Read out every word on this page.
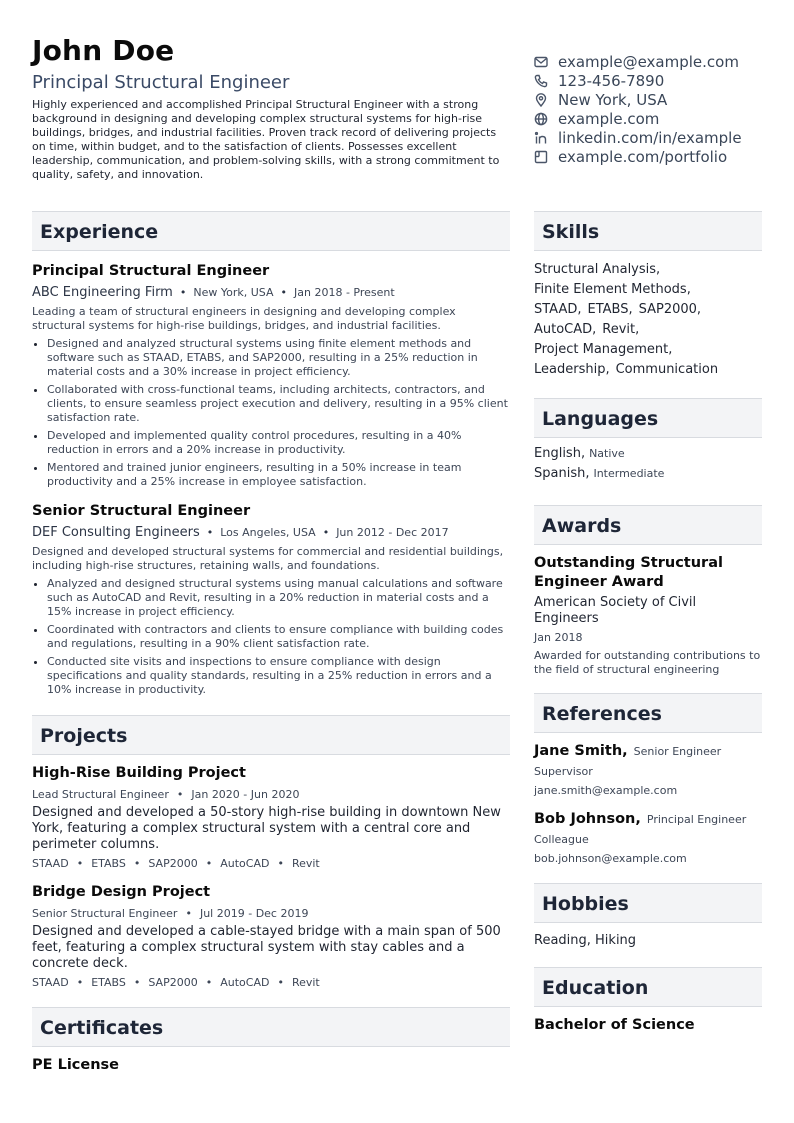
John Doe
Principal Structural Engineer
Highly experienced and accomplished Principal Structural Engineer with a strong background in designing and developing complex structural systems for high-rise buildings, bridges, and industrial facilities. Proven track record of delivering projects on time, within budget, and to the satisfaction of clients. Possesses excellent leadership, communication, and problem-solving skills, with a strong commitment to quality, safety, and innovation.
example@example.com
123-456-7890
New York, USA
example.com
linkedin.com/in/example
example.com/portfolio
Experience
Principal Structural Engineer
ABC Engineering Firm • New York, USA • Jan 2018 - Present
Leading a team of structural engineers in designing and developing complex structural systems for high-rise buildings, bridges, and industrial facilities.
• Designed and analyzed structural systems using finite element methods and software such as STAAD, ETABS, and SAP2000, resulting in a 25% reduction in material costs and a 30% increase in project efficiency.
• Collaborated with cross-functional teams, including architects, contractors, and clients, to ensure seamless project execution and delivery, resulting in a 95% client satisfaction rate.
• Developed and implemented quality control procedures, resulting in a 40% reduction in errors and a 20% increase in productivity.
• Mentored and trained junior engineers, resulting in a 50% increase in team productivity and a 25% increase in employee satisfaction.
Senior Structural Engineer
DEF Consulting Engineers • Los Angeles, USA • Jun 2012 - Dec 2017
Designed and developed structural systems for commercial and residential buildings, including high-rise structures, retaining walls, and foundations.
• Analyzed and designed structural systems using manual calculations and software such as AutoCAD and Revit, resulting in a 20% reduction in material costs and a 15% increase in project efficiency.
• Coordinated with contractors and clients to ensure compliance with building codes and regulations, resulting in a 90% client satisfaction rate.
• Conducted site visits and inspections to ensure compliance with design specifications and quality standards, resulting in a 25% reduction in errors and a 10% increase in productivity.
Projects
High-Rise Building Project
Lead Structural Engineer • Jan 2020 - Jun 2020
Designed and developed a 50-story high-rise building in downtown New York, featuring a complex structural system with a central core and perimeter columns.
STAAD • ETABS • SAP2000 • AutoCAD • Revit
Bridge Design Project
Senior Structural Engineer • Jul 2019 - Dec 2019
Designed and developed a cable-stayed bridge with a main span of 500 feet, featuring a complex structural system with stay cables and a concrete deck.
STAAD • ETABS • SAP2000 • AutoCAD • Revit
Certificates
PE License
Skills
Structural Analysis,
Finite Element Methods,
STAAD, ETABS, SAP2000,
AutoCAD, Revit,
Project Management,
Leadership, Communication
Languages
English, Native
Spanish, Intermediate
Awards
Outstanding Structural Engineer Award
American Society of Civil Engineers
Jan 2018
Awarded for outstanding contributions to the field of structural engineering
References
Jane Smith, Senior Engineer
Supervisor
jane.smith@example.com
Bob Johnson, Principal Engineer
Colleague
bob.johnson@example.com
Hobbies
Reading, Hiking
Education
Bachelor of Science
